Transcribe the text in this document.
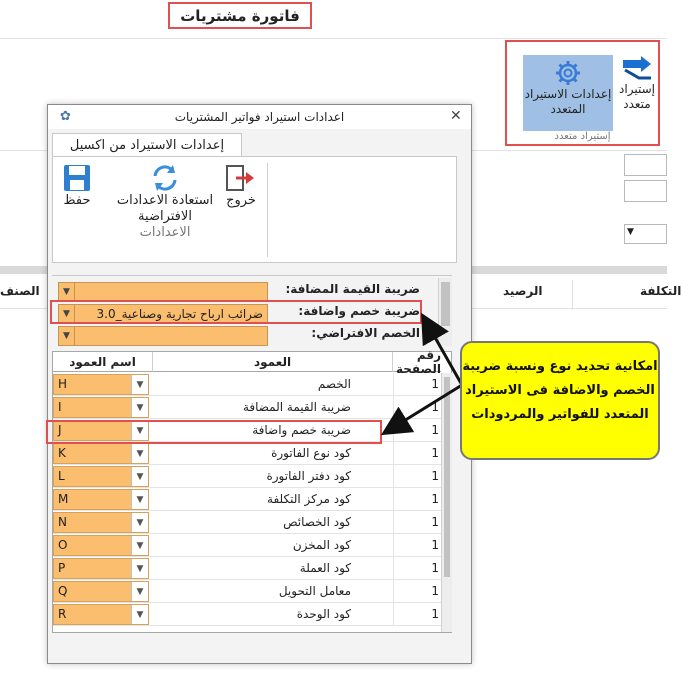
فاتورة مشتريات
إعدادات الاستيراد المتعدد
إستيراد متعدد
إستيراد متعدد
▼
الصنف	الرصيد	التكلفة
✿	اعدادات استيراد فواتير المشتريات	✕
إعدادات الاستيراد من اكسيل
خروج
استعادة الاعدادات الافتراضية
الاعدادات
حفظ
▼	ضريبة القيمة المضافة:
▼	ضرائب ارباح تجارية وصناعية_3.0	ضريبة خصم واضافة:
▼	الخصم الافتراضي:
اسم العمود	العمود	رقم الصفحة
H	▼	الخصم	1
I	▼	ضريبة القيمة المضافة	1
J	▼	ضريبة خصم واضافة	1
K	▼	كود نوع الفاتورة	1
L	▼	كود دفتر الفاتورة	1
M	▼	كود مركز التكلفة	1
N	▼	كود الخصائص	1
O	▼	كود المخزن	1
P	▼	كود العملة	1
Q	▼	معامل التحويل	1
R	▼	كود الوحدة	1
امكانية تحديد نوع ونسبة ضريبة الخصم والاضافة فى الاستيراد المتعدد للفواتير والمردودات
